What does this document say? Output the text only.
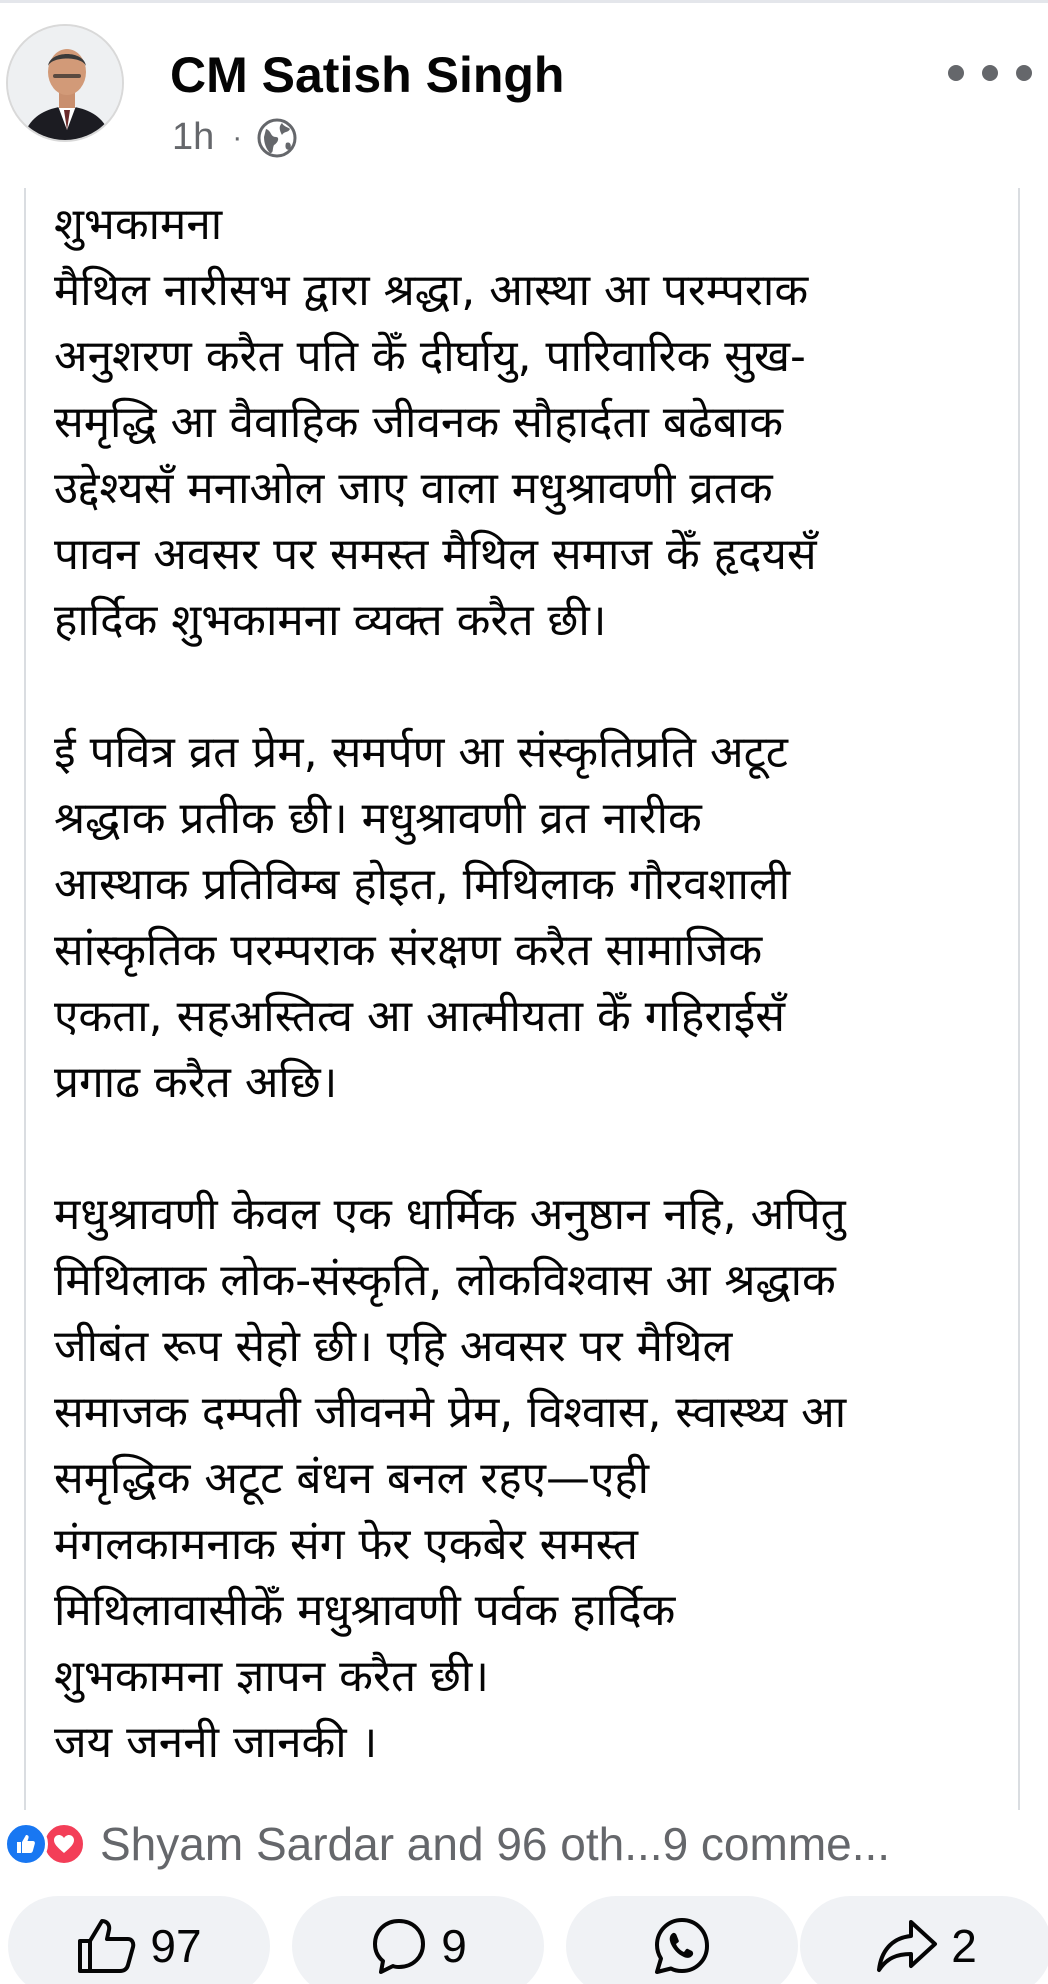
CM Satish Singh
1h ·

शुभकामना

मैथिल नारीसभ द्वारा श्रद्धा, आस्था आ परम्पराक

अनुशरण करैत पति केँ दीर्घायु, पारिवारिक सुख-

समृद्धि आ वैवाहिक जीवनक सौहार्दता बढेबाक

उद्देश्यसँ मनाओल जाए वाला मधुश्रावणी व्रतक

पावन अवसर पर समस्त मैथिल समाज केँ हृदयसँ

हार्दिक शुभकामना व्यक्त करैत छी।

ई पवित्र व्रत प्रेम, समर्पण आ संस्कृतिप्रति अटूट

श्रद्धाक प्रतीक छी। मधुश्रावणी व्रत नारीक

आस्थाक प्रतिविम्ब होइत, मिथिलाक गौरवशाली

सांस्कृतिक परम्पराक संरक्षण करैत सामाजिक

एकता, सहअस्तित्व आ आत्मीयता केँ गहिराईसँ

प्रगाढ करैत अछि।

मधुश्रावणी केवल एक धार्मिक अनुष्ठान नहि, अपितु

मिथिलाक लोक-संस्कृति, लोकविश्वास आ श्रद्धाक

जीबंत रूप सेहो छी। एहि अवसर पर मैथिल

समाजक दम्पती जीवनमे प्रेम, विश्वास, स्वास्थ्य आ

समृद्धिक अटूट बंधन बनल रहए—एही

मंगलकामनाक संग फेर एकबेर समस्त

मिथिलावासीकेँ मधुश्रावणी पर्वक हार्दिक

शुभकामना ज्ञापन करैत छी।

जय जननी जानकी ।

Shyam Sardar and 96 oth... 9 comme...
97	9	2
